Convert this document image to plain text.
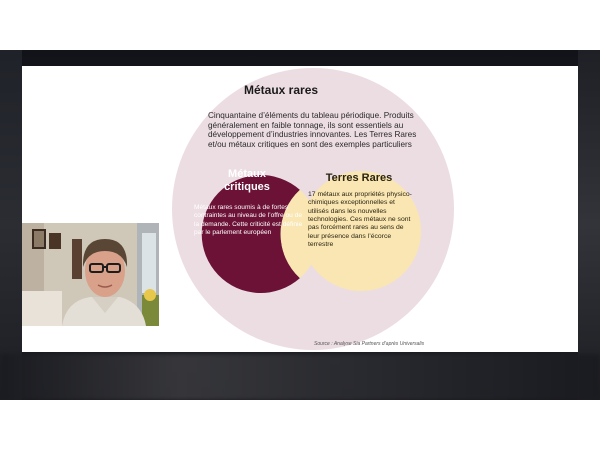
Métaux rares

Cinquantaine d’éléments du tableau périodique. Produits généralement en faible tonnage, ils sont essentiels au développement d’industries innovantes. Les Terres Rares et/ou métaux critiques en sont des exemples particuliers

Métaux
critiques

Métaux rares soumis à de fortes contraintes au niveau de l’offre ou de la demande. Cette criticité est définie par le parlement européen

Terres Rares

17 métaux aux propriétés physico-chimiques exceptionnelles et utilisés dans les nouvelles technologies. Ces métaux ne sont pas forcément rares au sens de leur présence dans l’écorce terrestre

Source : Analyse Sia Partners d’après Universalis
